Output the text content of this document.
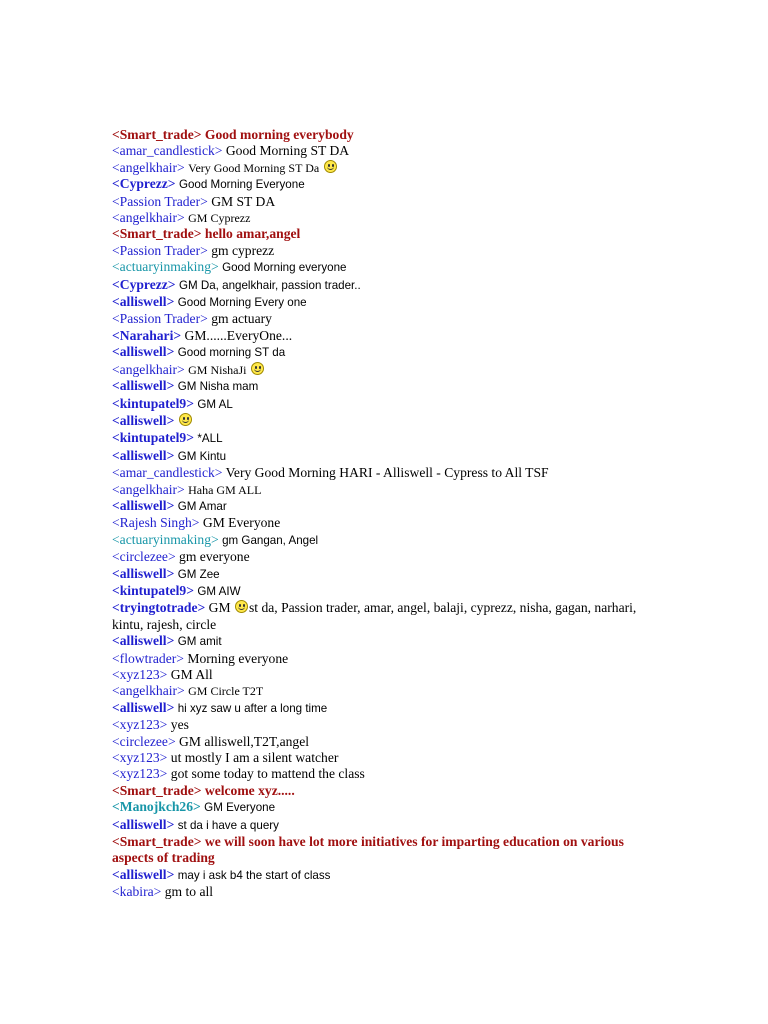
<Smart_trade> Good morning everybody
<amar_candlestick> Good Morning ST DA
<angelkhair> Very Good Morning ST Da
<Cyprezz> Good Morning Everyone
<Passion Trader> GM ST DA
<angelkhair> GM Cyprezz
<Smart_trade> hello amar,angel
<Passion Trader> gm cyprezz
<actuaryinmaking> Good Morning everyone
<Cyprezz> GM Da, angelkhair, passion trader..
<alliswell> Good Morning Every one
<Passion Trader> gm actuary
<Narahari> GM......EveryOne...
<alliswell> Good morning ST da
<angelkhair> GM NishaJi
<alliswell> GM Nisha mam
<kintupatel9> GM AL
<alliswell>
<kintupatel9> *ALL
<alliswell> GM Kintu
<amar_candlestick> Very Good Morning HARI - Alliswell - Cypress to All TSF
<angelkhair> Haha GM ALL
<alliswell> GM Amar
<Rajesh Singh> GM Everyone
<actuaryinmaking> gm Gangan, Angel
<circlezee> gm everyone
<alliswell> GM Zee
<kintupatel9> GM AIW
<tryingtotrade> GM st da, Passion trader, amar, angel, balaji, cyprezz, nisha, gagan, narhari, kintu, rajesh, circle
<alliswell> GM amit
<flowtrader> Morning everyone
<xyz123> GM All
<angelkhair> GM Circle T2T
<alliswell> hi xyz saw u after a long time
<xyz123> yes
<circlezee> GM alliswell,T2T,angel
<xyz123> ut mostly I am a silent watcher
<xyz123> got some today to mattend the class
<Smart_trade> welcome xyz.....
<Manojkch26> GM Everyone
<alliswell> st da i have a query
<Smart_trade> we will soon have lot more initiatives for imparting education on various aspects of trading
<alliswell> may i ask b4 the start of class
<kabira> gm to all
